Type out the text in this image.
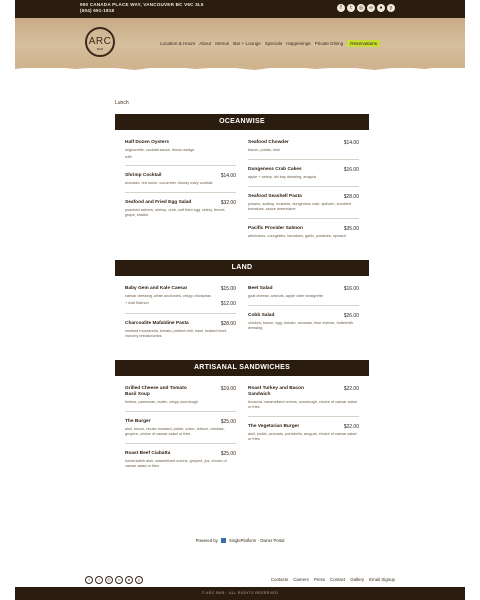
900 CANADA PLACE WAY, VANCOUVER BC V6C 3L5
(604) 691-1818	f	t	◎	∞	●	y
ARC
BAR
Location & Hours About Menus Bar + Lounge Specials Happenings Private Dining	Reservations
Lunch
OCEANWISE
Half Dozen Oysters
mignonette, cocktail sauce, lemon wedge
with
Shrimp Cocktail	$14.00
avocado, red onion, cucumber, bloody mary cocktail
Seafood and Fried Egg Salad	$32.00
poached salmon, shrimp, crab, soft fried egg, celery, fennel, grape, shallot
Seafood Chowder	$14.00
bacon, potato, leek
Dungeness Crab Cakes	$16.00
apple + celery, old bay dressing, arugula
Seafood Seashell Pasta	$28.00
prawns, scallop, mussels, dungeness crab, spinach, sundried tomatoes, sauce americaine
Pacific Provider Salmon	$35.00
artichokes, courgettes, tomatoes, garlic, potatoes, spinach
LAND
Baby Gem and Kale Caesar	$15.00
caesar dressing, white anchovies, crispy chickpeas
+ Add Salmon	$12.00
Charcoalite Mafaldine Pasta	$28.00
smoked mozzarella, tomato, pickled chili, basil, braised beef, crunchy breadcrumbs
Beet Salad	$16.00
goat cheese, walnuts, apple cider vinaigrette
Cobb Salad	$26.00
chicken, bacon, egg, tomato, avocado, blue cheese, buttermilk dressing
ARTISANAL SANDWICHES
Grilled Cheese and Tomato Basil Soup
$19.00
fontina, parmesan, butter, crispy sourdough
The Burger	$25.00
aioli, bacon, house mustard, pickle, onion, lettuce, cheddar, gruyere, choice of caesar salad or fries
Roast Beef Ciabatta	$25.00
horseradish aioli, caramelized onions, gruyere, jus, choice of caesar salad or fries
Roast Turkey and Bacon Sandwich
$22.00
focaccia, caramelized onions, sourdough, choice of caesar salad or fries
The Vegetarian Burger	$22.00
aioli, pickle, avocado, portobello, arugula, choice of caesar salad or fries
Powered by	SinglePlatform · Owner Portal
f	t	◎	∞	●	y	Contacts Careers Press Contact Gallery Email Signup
© ARC BAR · ALL RIGHTS RESERVED
